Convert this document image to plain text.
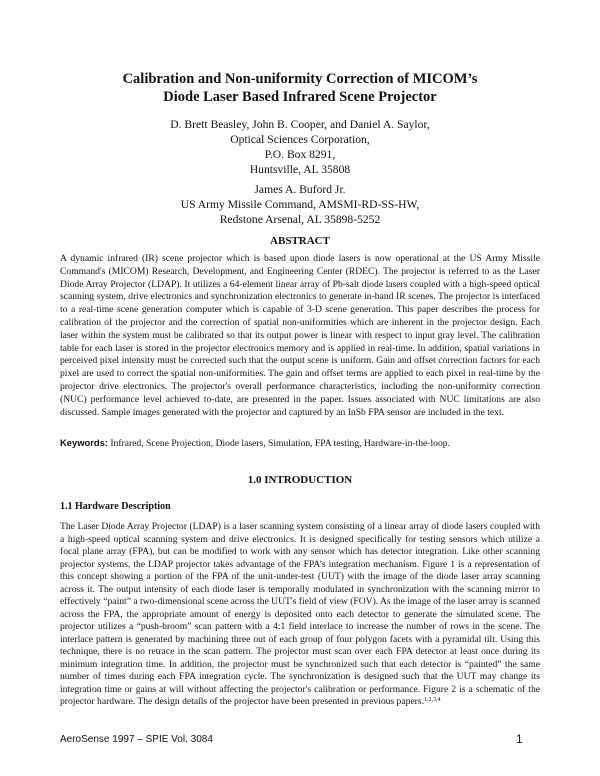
Calibration and Non-uniformity Correction of MICOM’s
Diode Laser Based Infrared Scene Projector
D. Brett Beasley, John B. Cooper, and Daniel A. Saylor,
Optical Sciences Corporation,
P.O. Box 8291,
Huntsville, AL 35808
James A. Buford Jr.
US Army Missile Command, AMSMI-RD-SS-HW,
Redstone Arsenal, AL 35898-5252
ABSTRACT

A dynamic infrared (IR) scene projector which is based upon diode lasers is now operational at the US Army Missile Command's (MICOM) Research, Development, and Engineering Center (RDEC). The projector is referred to as the Laser Diode Array Projector (LDAP). It utilizes a 64-element linear array of Pb-salt diode lasers coupled with a high-speed optical scanning system, drive electronics and synchronization electronics to generate in-band IR scenes. The projector is interfaced to a real-time scene generation computer which is capable of 3-D scene generation. This paper describes the process for calibration of the projector and the correction of spatial non-uniformities which are inherent in the projector design. Each laser within the system must be calibrated so that its output power is linear with respect to input gray level. The calibration table for each laser is stored in the projector electronics memory and is applied in real-time. In addition, spatial variations in perceived pixel intensity must be corrected such that the output scene is uniform. Gain and offset correction factors for each pixel are used to correct the spatial non-uniformities. The gain and offset terms are applied to each pixel in real-time by the projector drive electronics. The projector's overall performance characteristics, including the non-uniformity correction (NUC) performance level achieved to-date, are presented in the paper. Issues associated with NUC limitations are also discussed. Sample images generated with the projector and captured by an InSb FPA sensor are included in the text.

Keywords: Infrared, Scene Projection, Diode lasers, Simulation, FPA testing, Hardware-in-the-loop.
1.0 INTRODUCTION
1.1 Hardware Description

The Laser Diode Array Projector (LDAP) is a laser scanning system consisting of a linear array of diode lasers coupled with a high-speed optical scanning system and drive electronics. It is designed specifically for testing sensors which utilize a focal plane array (FPA), but can be modified to work with any sensor which has detector integration. Like other scanning projector systems, the LDAP projector takes advantage of the FPA’s integration mechanism. Figure 1 is a representation of this concept showing a portion of the FPA of the unit-under-test (UUT) with the image of the diode laser array scanning across it. The output intensity of each diode laser is temporally modulated in synchronization with the scanning mirror to effectively “paint” a two-dimensional scene across the UUT's field of view (FOV). As the image of the laser array is scanned across the FPA, the appropriate amount of energy is deposited onto each detector to generate the simulated scene. The projector utilizes a “push-broom” scan pattern with a 4:1 field interlace to increase the number of rows in the scene. The interlace pattern is generated by machining three out of each group of four polygon facets with a pyramidal tilt. Using this technique, there is no retrace in the scan pattern. The projector must scan over each FPA detector at least once during its minimum integration time. In addition, the projector must be synchronized such that each detector is “painted” the same number of times during each FPA integration cycle. The synchronization is designed such that the UUT may change its integration time or gains at will without affecting the projector's calibration or performance. Figure 2 is a schematic of the projector hardware. The design details of the projector have been presented in previous papers.$^{1,2,3,4}$

AeroSense 1997 – SPIE Vol. 3084	1
